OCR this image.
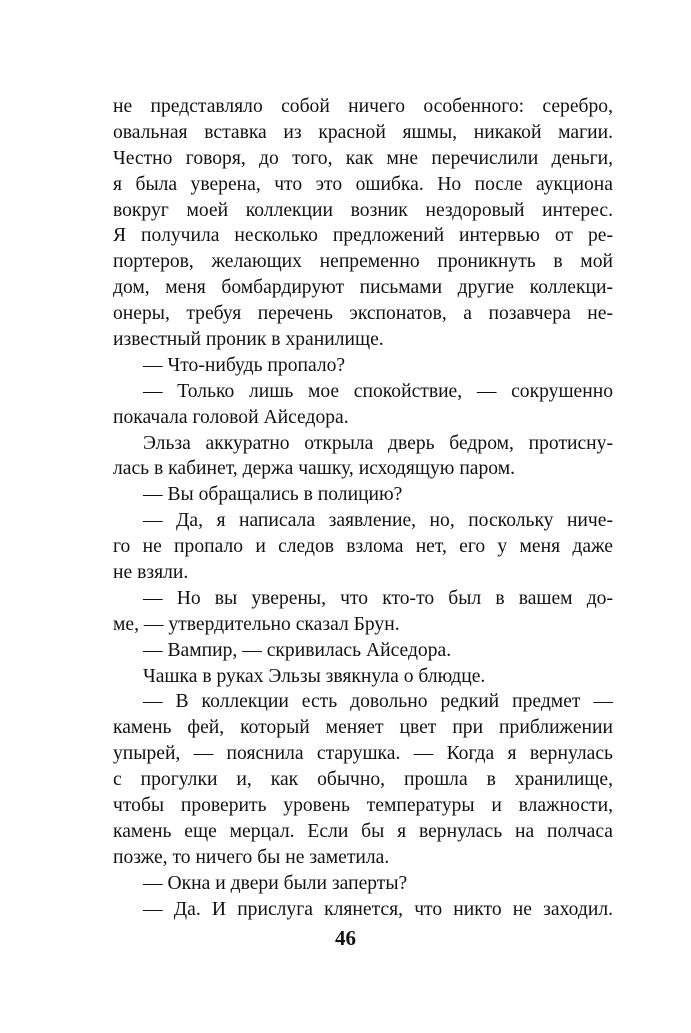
не представляло собой ничего особенного: серебро,
овальная вставка из красной яшмы, никакой магии.
Честно говоря, до того, как мне перечислили деньги,
я была уверена, что это ошибка. Но после аукциона
вокруг моей коллекции возник нездоровый интерес.
Я получила несколько предложений интервью от ре-
портеров, желающих непременно проникнуть в мой
дом, меня бомбардируют письмами другие коллекци-
онеры, требуя перечень экспонатов, а позавчера не-
известный проник в хранилище.
— Что-нибудь пропало?
— Только лишь мое спокойствие, — сокрушенно
покачала головой Айседора.
Эльза аккуратно открыла дверь бедром, протисну-
лась в кабинет, держа чашку, исходящую паром.
— Вы обращались в полицию?
— Да, я написала заявление, но, поскольку ниче-
го не пропало и следов взлома нет, его у меня даже
не взяли.
— Но вы уверены, что кто-то был в вашем до-
ме, — утвердительно сказал Брун.
— Вампир, — скривилась Айседора.
Чашка в руках Эльзы звякнула о блюдце.
— В коллекции есть довольно редкий предмет —
камень фей, который меняет цвет при приближении
упырей, — пояснила старушка. — Когда я вернулась
с прогулки и, как обычно, прошла в хранилище,
чтобы проверить уровень температуры и влажности,
камень еще мерцал. Если бы я вернулась на полчаса
позже, то ничего бы не заметила.
— Окна и двери были заперты?
— Да. И прислуга клянется, что никто не заходил.
46
